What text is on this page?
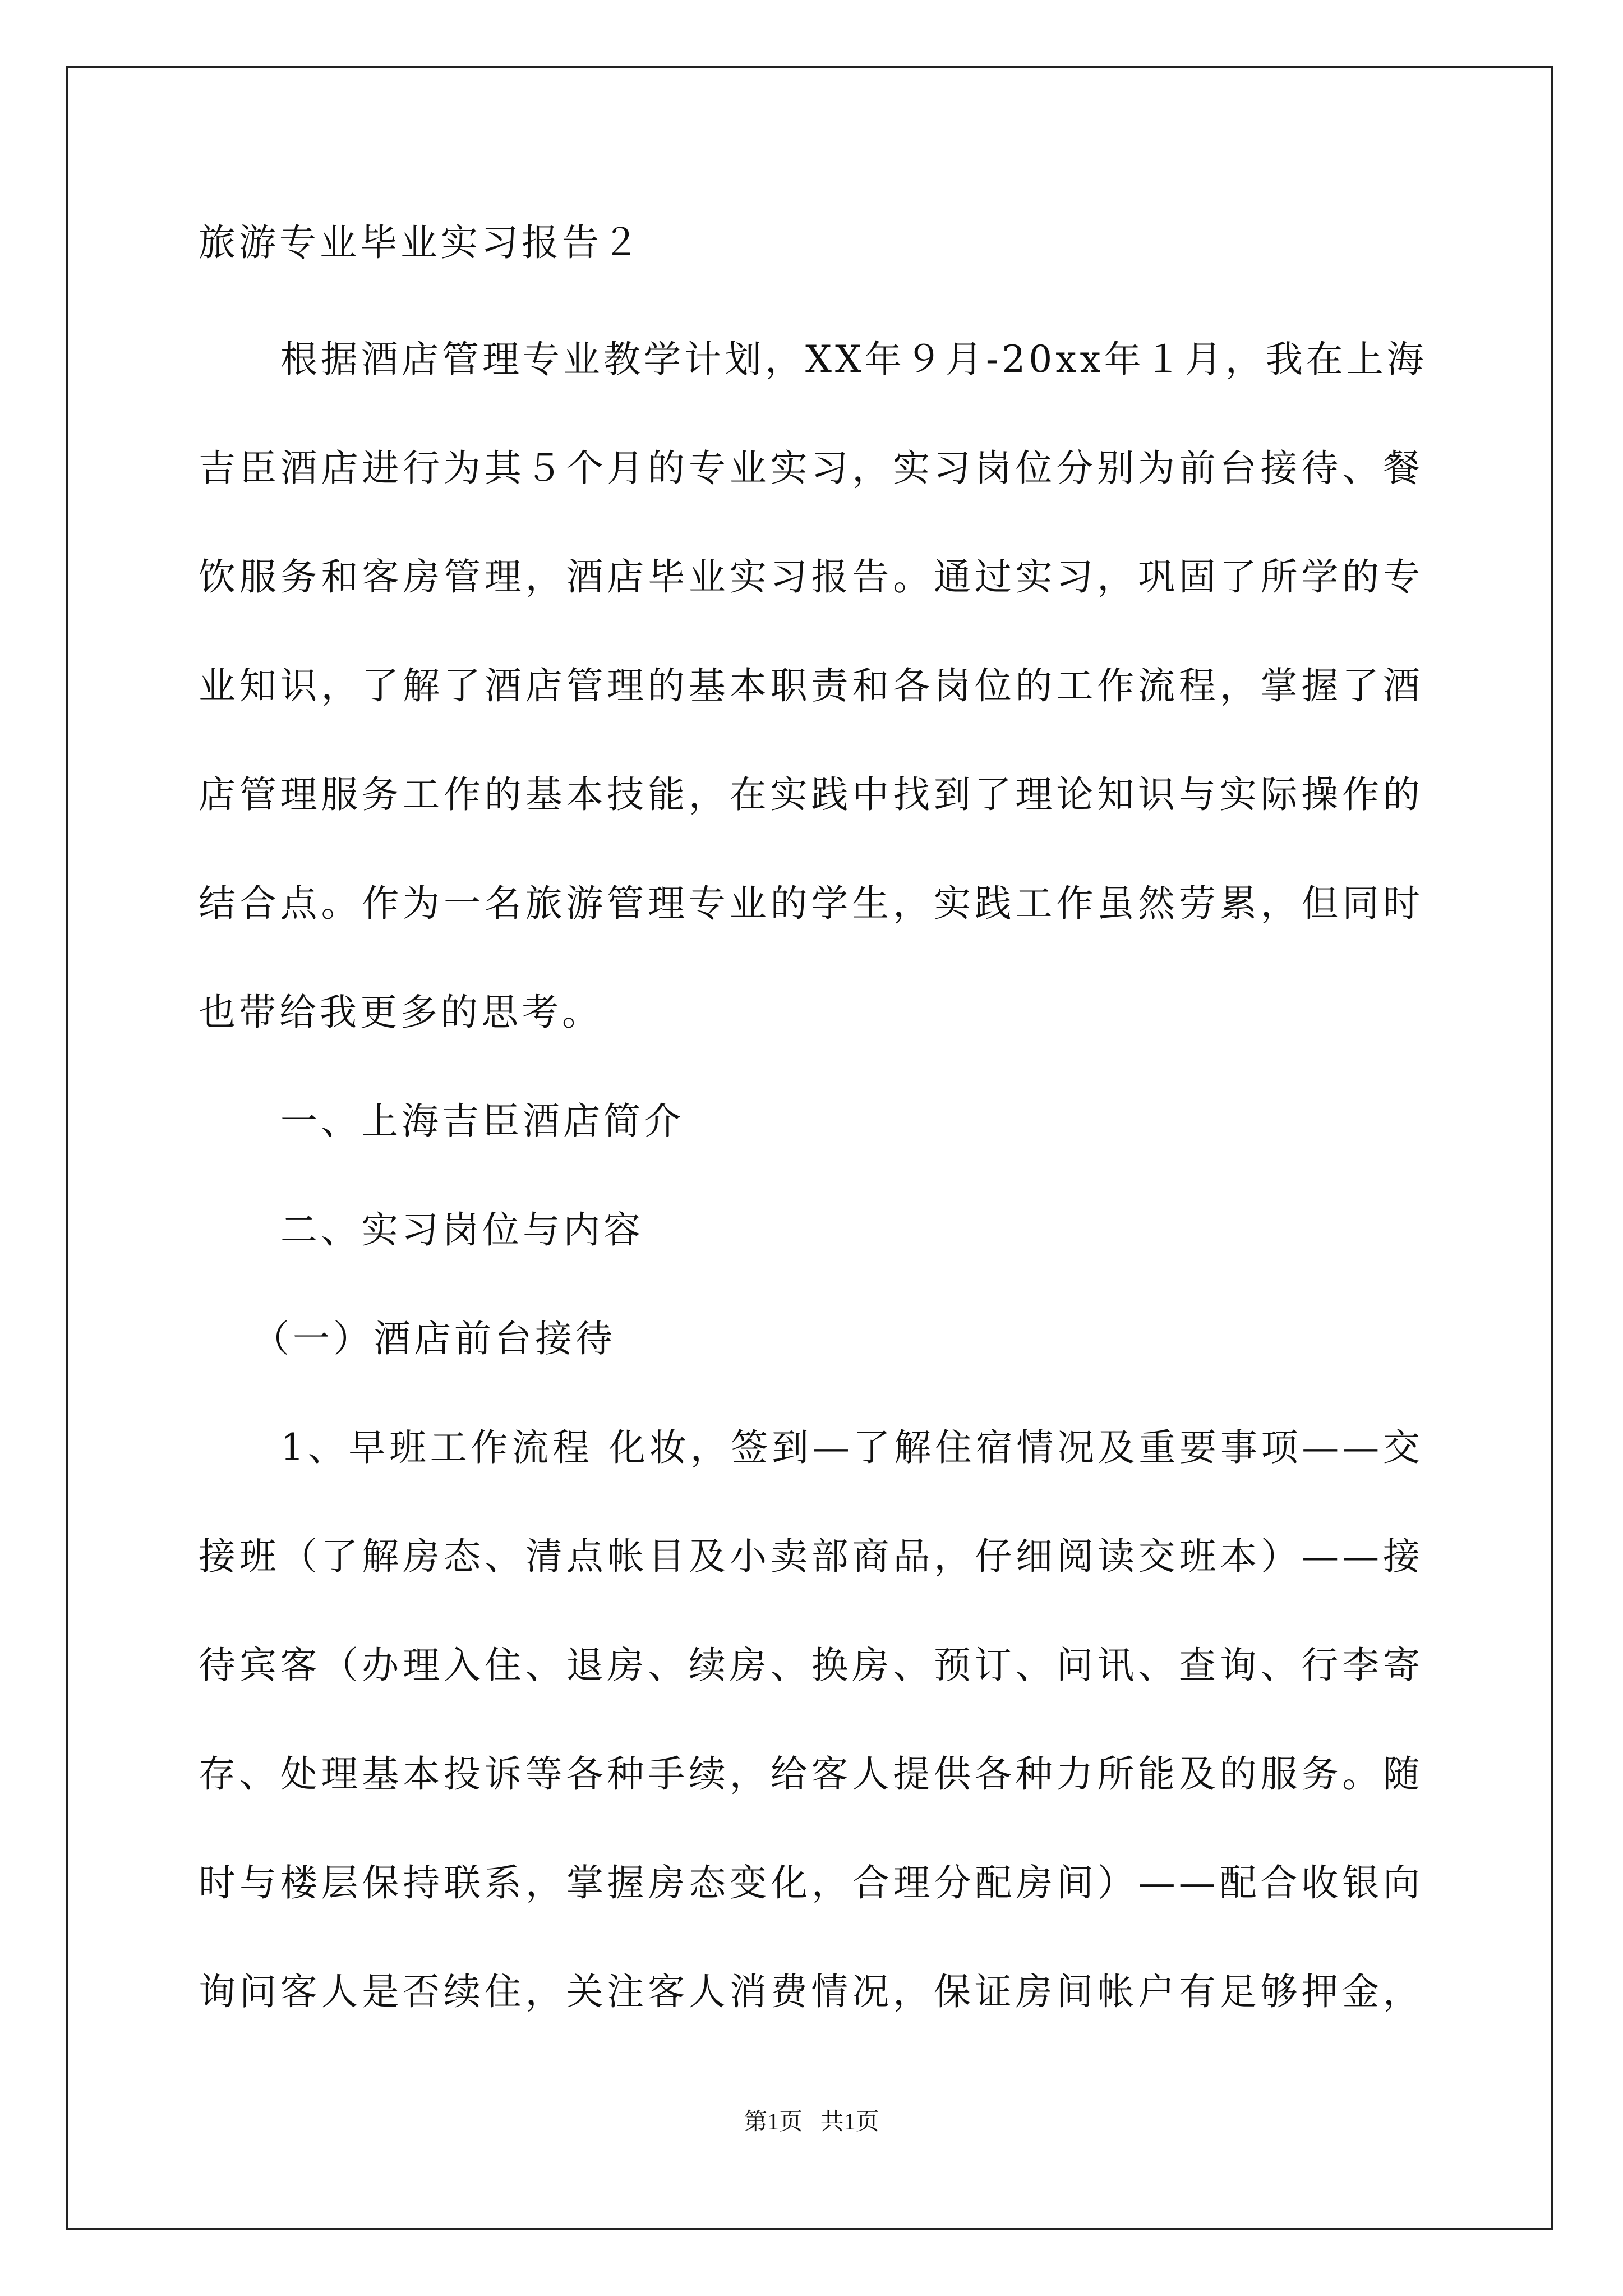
旅游专业毕业实习报告２
根据酒店管理专业教学计划，XX年９月-20xx年１月，我在上海
吉臣酒店进行为其５个月的专业实习，实习岗位分别为前台接待、餐
饮服务和客房管理，酒店毕业实习报告。通过实习，巩固了所学的专
业知识，了解了酒店管理的基本职责和各岗位的工作流程，掌握了酒
店管理服务工作的基本技能，在实践中找到了理论知识与实际操作的
结合点。作为一名旅游管理专业的学生，实践工作虽然劳累，但同时
也带给我更多的思考。
一、上海吉臣酒店简介
二、实习岗位与内容
（一）酒店前台接待
1、早班工作流程 化妆，签到—了解住宿情况及重要事项——交
接班（了解房态、清点帐目及小卖部商品，仔细阅读交班本）——接
待宾客（办理入住、退房、续房、换房、预订、问讯、查询、行李寄
存、处理基本投诉等各种手续，给客人提供各种力所能及的服务。随
时与楼层保持联系，掌握房态变化，合理分配房间）——配合收银向
询问客人是否续住，关注客人消费情况，保证房间帐户有足够押金，
第1页   共1页
